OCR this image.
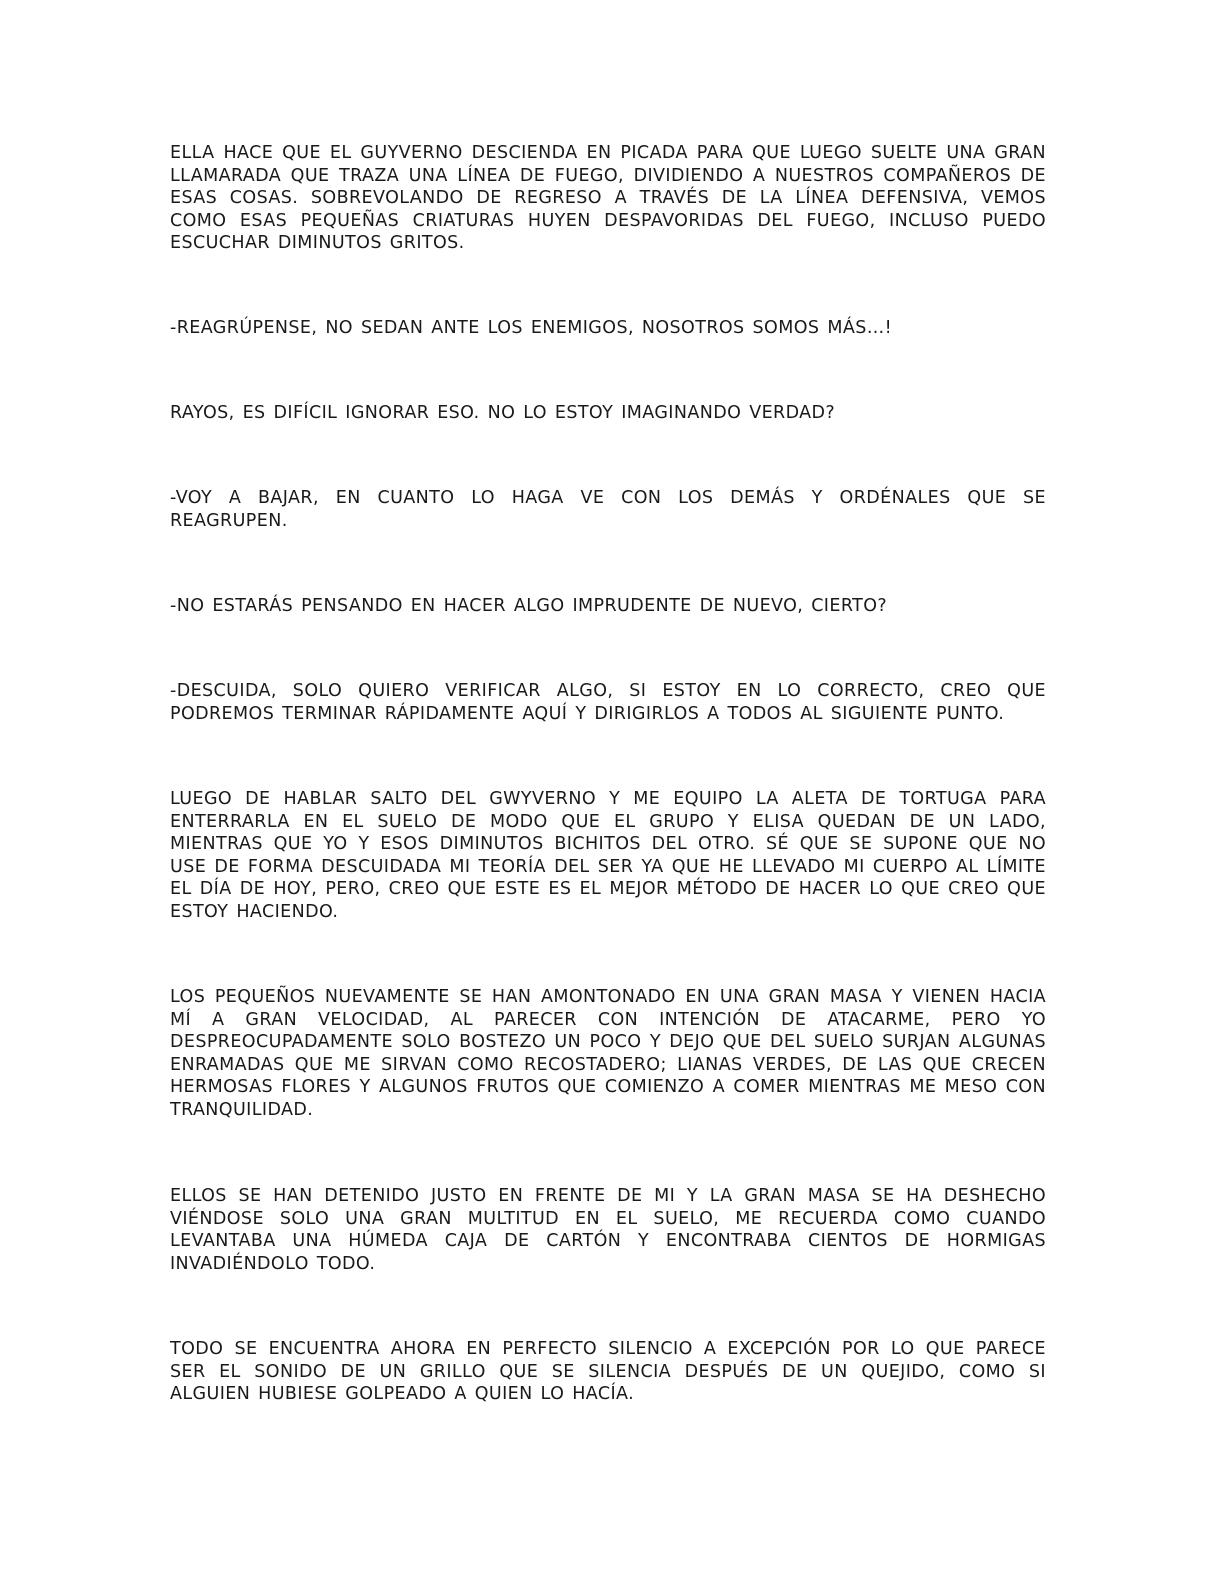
ELLA HACE QUE EL GUYVERNO DESCIENDA EN PICADA PARA QUE LUEGO SUELTE UNA GRAN LLAMARADA QUE TRAZA UNA LÍNEA DE FUEGO, DIVIDIENDO A NUESTROS COMPAÑEROS DE ESAS COSAS. SOBREVOLANDO DE REGRESO A TRAVÉS DE LA LÍNEA DEFENSIVA, VEMOS COMO ESAS PEQUEÑAS CRIATURAS HUYEN DESPAVORIDAS DEL FUEGO, INCLUSO PUEDO ESCUCHAR DIMINUTOS GRITOS.

-REAGRÚPENSE, NO SEDAN ANTE LOS ENEMIGOS, NOSOTROS SOMOS MÁS…!

RAYOS, ES DIFÍCIL IGNORAR ESO. NO LO ESTOY IMAGINANDO VERDAD?

-VOY A BAJAR, EN CUANTO LO HAGA VE CON LOS DEMÁS Y ORDÉNALES QUE SE REAGRUPEN.

-NO ESTARÁS PENSANDO EN HACER ALGO IMPRUDENTE DE NUEVO, CIERTO?

-DESCUIDA, SOLO QUIERO VERIFICAR ALGO, SI ESTOY EN LO CORRECTO, CREO QUE PODREMOS TERMINAR RÁPIDAMENTE AQUÍ Y DIRIGIRLOS A TODOS AL SIGUIENTE PUNTO.

LUEGO DE HABLAR SALTO DEL GWYVERNO Y ME EQUIPO LA ALETA DE TORTUGA PARA ENTERRARLA EN EL SUELO DE MODO QUE EL GRUPO Y ELISA QUEDAN DE UN LADO, MIENTRAS QUE YO Y ESOS DIMINUTOS BICHITOS DEL OTRO. SÉ QUE SE SUPONE QUE NO USE DE FORMA DESCUIDADA MI TEORÍA DEL SER YA QUE HE LLEVADO MI CUERPO AL LÍMITE EL DÍA DE HOY, PERO, CREO QUE ESTE ES EL MEJOR MÉTODO DE HACER LO QUE CREO QUE ESTOY HACIENDO.

LOS PEQUEÑOS NUEVAMENTE SE HAN AMONTONADO EN UNA GRAN MASA Y VIENEN HACIA MÍ A GRAN VELOCIDAD, AL PARECER CON INTENCIÓN DE ATACARME, PERO YO DESPREOCUPADAMENTE SOLO BOSTEZO UN POCO Y DEJO QUE DEL SUELO SURJAN ALGUNAS ENRAMADAS QUE ME SIRVAN COMO RECOSTADERO; LIANAS VERDES, DE LAS QUE CRECEN HERMOSAS FLORES Y ALGUNOS FRUTOS QUE COMIENZO A COMER MIENTRAS ME MESO CON TRANQUILIDAD.

ELLOS SE HAN DETENIDO JUSTO EN FRENTE DE MI Y LA GRAN MASA SE HA DESHECHO VIÉNDOSE SOLO UNA GRAN MULTITUD EN EL SUELO, ME RECUERDA COMO CUANDO LEVANTABA UNA HÚMEDA CAJA DE CARTÓN Y ENCONTRABA CIENTOS DE HORMIGAS INVADIÉNDOLO TODO.

TODO SE ENCUENTRA AHORA EN PERFECTO SILENCIO A EXCEPCIÓN POR LO QUE PARECE SER EL SONIDO DE UN GRILLO QUE SE SILENCIA DESPUÉS DE UN QUEJIDO, COMO SI ALGUIEN HUBIESE GOLPEADO A QUIEN LO HACÍA.
